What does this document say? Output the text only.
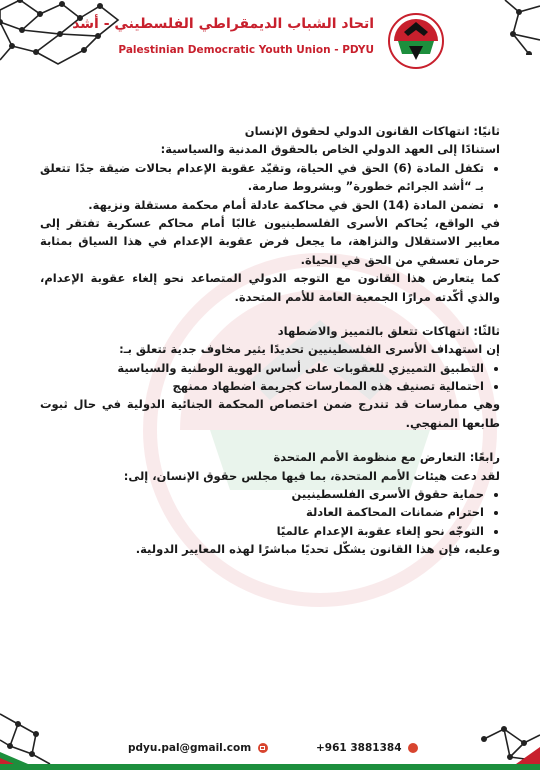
اتحاد الشباب الديمقراطي الفلسطيني - أشد
Palestinian Democratic Youth Union - PDYU

ثانيًا: انتهاكات القانون الدولي لحقوق الإنسان

استنادًا إلى العهد الدولي الخاص بالحقوق المدنية والسياسية:

• تكفل المادة (6) الحق في الحياة، وتقيّد عقوبة الإعدام بحالات ضيقة جدًا تتعلق بـ “أشد الجرائم خطورة” وبشروط صارمة.
• تضمن المادة (14) الحق في محاكمة عادلة أمام محكمة مستقلة ونزيهة.

في الواقع، يُحاكم الأسرى الفلسطينيون غالبًا أمام محاكم عسكرية تفتقر إلى معايير الاستقلال والنزاهة، ما يجعل فرض عقوبة الإعدام في هذا السياق بمثابة حرمان تعسفي من الحق في الحياة.

كما يتعارض هذا القانون مع التوجه الدولي المتصاعد نحو إلغاء عقوبة الإعدام، والذي أكّدته مرارًا الجمعية العامة للأمم المتحدة.

ثالثًا: انتهاكات تتعلق بالتمييز والاضطهاد

إن استهداف الأسرى الفلسطينيين تحديدًا يثير مخاوف جدية تتعلق بـ:

• التطبيق التمييزي للعقوبات على أساس الهوية الوطنية والسياسية
• احتمالية تصنيف هذه الممارسات كجريمة اضطهاد ممنهج

وهي ممارسات قد تندرج ضمن اختصاص المحكمة الجنائية الدولية في حال ثبوت طابعها المنهجي.

رابعًا: التعارض مع منظومة الأمم المتحدة

لقد دعت هيئات الأمم المتحدة، بما فيها مجلس حقوق الإنسان، إلى:

• حماية حقوق الأسرى الفلسطينيين
• احترام ضمانات المحاكمة العادلة
• التوجّه نحو إلغاء عقوبة الإعدام عالميًا

وعليه، فإن هذا القانون يشكّل تحديًا مباشرًا لهذه المعايير الدولية.

pdyu.pal@gmail.com	+961 3881384
